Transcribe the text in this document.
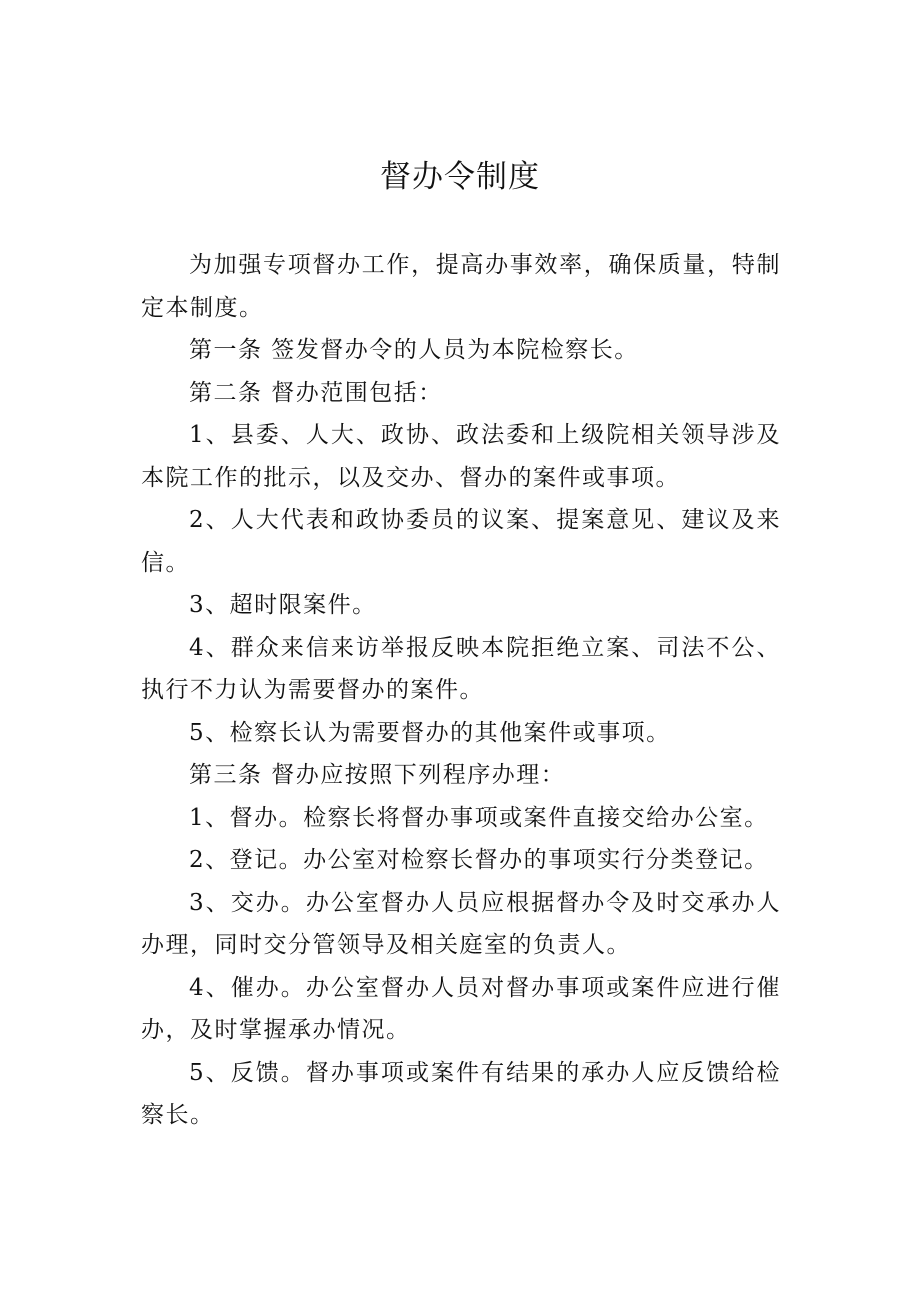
督办令制度

为加强专项督办工作，提高办事效率，确保质量，特制定本制度。

第一条 签发督办令的人员为本院检察长。

第二条 督办范围包括：

1、县委、人大、政协、政法委和上级院相关领导涉及本院工作的批示，以及交办、督办的案件或事项。

2、人大代表和政协委员的议案、提案意见、建议及来信。

3、超时限案件。

4、群众来信来访举报反映本院拒绝立案、司法不公、执行不力认为需要督办的案件。

5、检察长认为需要督办的其他案件或事项。

第三条 督办应按照下列程序办理：

1、督办。检察长将督办事项或案件直接交给办公室。

2、登记。办公室对检察长督办的事项实行分类登记。

3、交办。办公室督办人员应根据督办令及时交承办人办理，同时交分管领导及相关庭室的负责人。

4、催办。办公室督办人员对督办事项或案件应进行催办，及时掌握承办情况。

5、反馈。督办事项或案件有结果的承办人应反馈给检察长。
